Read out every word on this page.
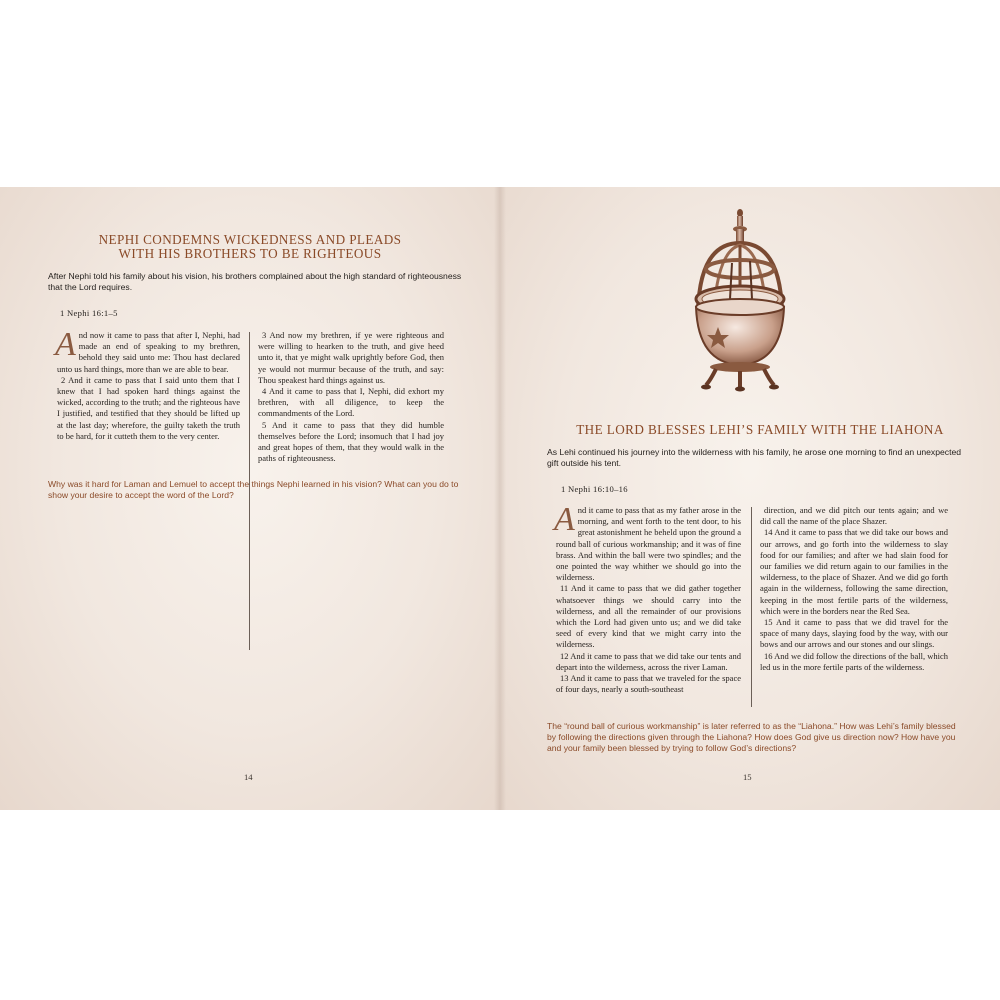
NEPHI CONDEMNS WICKEDNESS AND PLEADS
WITH HIS BROTHERS TO BE RIGHTEOUS
After Nephi told his family about his vision, his brothers complained about the high standard of righteousness that the Lord requires.
1 Nephi 16:1–5

And now it came to pass that after I, Nephi, had made an end of speaking to my brethren, behold they said unto me: Thou hast declared unto us hard things, more than we are able to bear.

2 And it came to pass that I said unto them that I knew that I had spoken hard things against the wicked, according to the truth; and the righteous have I justified, and testified that they should be lifted up at the last day; wherefore, the guilty taketh the truth to be hard, for it cutteth them to the very center.

3 And now my brethren, if ye were righteous and were willing to hearken to the truth, and give heed unto it, that ye might walk uprightly before God, then ye would not murmur because of the truth, and say: Thou speakest hard things against us.

4 And it came to pass that I, Nephi, did exhort my brethren, with all diligence, to keep the commandments of the Lord.

5 And it came to pass that they did humble themselves before the Lord; insomuch that I had joy and great hopes of them, that they would walk in the paths of righteousness.

Why was it hard for Laman and Lemuel to accept the things Nephi learned in his vision? What can you do to show your desire to accept the word of the Lord?
14
THE LORD BLESSES LEHI’S FAMILY WITH THE LIAHONA
As Lehi continued his journey into the wilderness with his family, he arose one morning to find an unexpected gift outside his tent.
1 Nephi 16:10–16

And it came to pass that as my father arose in the morning, and went forth to the tent door, to his great astonishment he beheld upon the ground a round ball of curious workmanship; and it was of fine brass. And within the ball were two spindles; and the one pointed the way whither we should go into the wilderness.

11 And it came to pass that we did gather together whatsoever things we should carry into the wilderness, and all the remainder of our provisions which the Lord had given unto us; and we did take seed of every kind that we might carry into the wilderness.

12 And it came to pass that we did take our tents and depart into the wilderness, across the river Laman.

13 And it came to pass that we traveled for the space of four days, nearly a south-southeast

direction, and we did pitch our tents again; and we did call the name of the place Shazer.

14 And it came to pass that we did take our bows and our arrows, and go forth into the wilderness to slay food for our families; and after we had slain food for our families we did return again to our families in the wilderness, to the place of Shazer. And we did go forth again in the wilderness, following the same direction, keeping in the most fertile parts of the wilderness, which were in the borders near the Red Sea.

15 And it came to pass that we did travel for the space of many days, slaying food by the way, with our bows and our arrows and our stones and our slings.

16 And we did follow the directions of the ball, which led us in the more fertile parts of the wilderness.

The “round ball of curious workmanship” is later referred to as the “Liahona.” How was Lehi’s family blessed by following the directions given through the Liahona? How does God give us direction now? How have you and your family been blessed by trying to follow God’s directions?
15
